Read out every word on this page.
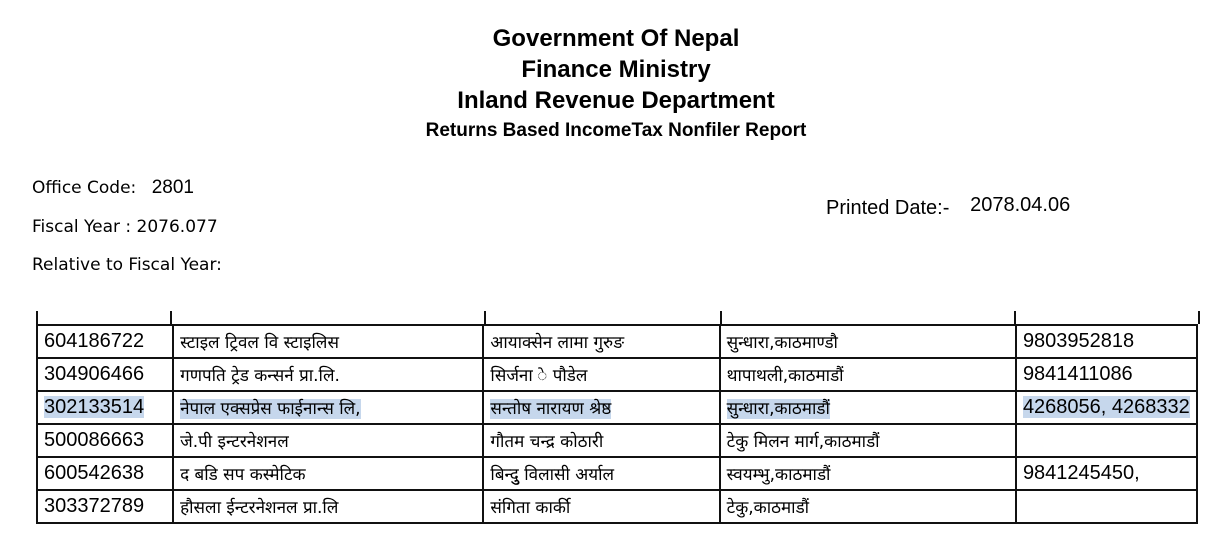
Government Of Nepal
Finance Ministry
Inland Revenue Department
Returns Based IncomeTax Nonfiler Report
Office Code: 2801
Fiscal Year : 2076.077
Relative to Fiscal Year:
Printed Date:- 2078.04.06
604186722	स्टाइल ट्रिवल वि स्टाइलिस	आयाक्सेन लामा गुरुङ	सुन्धारा,काठमाण्डौ	9803952818
304906466	गणपति ट्रेड कन्सर्न प्रा.लि.	सिर्जना े पौडेल	थापाथली,काठमाडौं	9841411086
302133514	नेपाल एक्सप्रेस फाईनान्स लि,	सन्तोष नारायण श्रेष्ठ	सुन्धारा,काठमाडौं	4268056, 4268332
500086663	जे.पी इन्टरनेशनल	गौतम चन्द्र कोठारी	टेकु मिलन मार्ग,काठमाडौं	
600542638	द बडि सप कस्मेटिक	बिन्दुु विलासी अर्याल	स्वयम्भु,काठमाडौं	9841245450,
303372789	हौसला ईन्टरनेशनल प्रा.लि	संगिता कार्की	टेकु,काठमाडौं	
